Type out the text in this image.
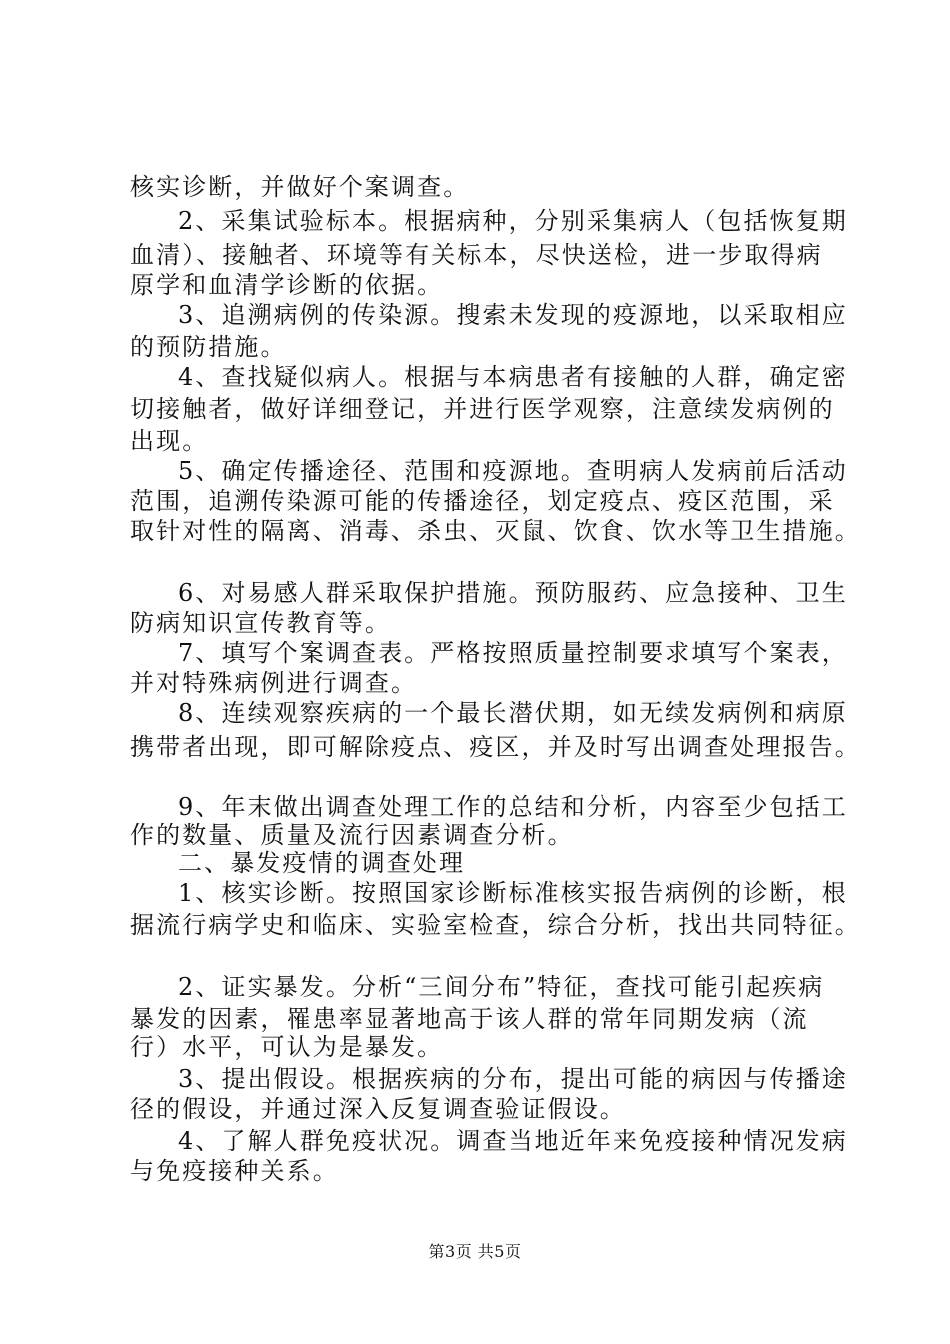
核实诊断，并做好个案调查。
2、采集试验标本。根据病种，分别采集病人（包括恢复期
血清）、接触者、环境等有关标本，尽快送检，进一步取得病
原学和血清学诊断的依据。
3、追溯病例的传染源。搜索未发现的疫源地，以采取相应
的预防措施。
4、查找疑似病人。根据与本病患者有接触的人群，确定密
切接触者，做好详细登记，并进行医学观察，注意续发病例的
出现。
5、确定传播途径、范围和疫源地。查明病人发病前后活动
范围，追溯传染源可能的传播途径，划定疫点、疫区范围，采
取针对性的隔离、消毒、杀虫、灭鼠、饮食、饮水等卫生措施。
6、对易感人群采取保护措施。预防服药、应急接种、卫生
防病知识宣传教育等。
7、填写个案调查表。严格按照质量控制要求填写个案表，
并对特殊病例进行调查。
8、连续观察疾病的一个最长潜伏期，如无续发病例和病原
携带者出现，即可解除疫点、疫区，并及时写出调查处理报告。
9、年末做出调查处理工作的总结和分析，内容至少包括工
作的数量、质量及流行因素调查分析。
二、暴发疫情的调查处理
1、核实诊断。按照国家诊断标准核实报告病例的诊断，根
据流行病学史和临床、实验室检查，综合分析，找出共同特征。
2、证实暴发。分析“三间分布”特征，查找可能引起疾病
暴发的因素，罹患率显著地高于该人群的常年同期发病（流
行）水平，可认为是暴发。
3、提出假设。根据疾病的分布，提出可能的病因与传播途
径的假设，并通过深入反复调查验证假设。
4、了解人群免疫状况。调查当地近年来免疫接种情况发病
与免疫接种关系。
第3页 共5页
